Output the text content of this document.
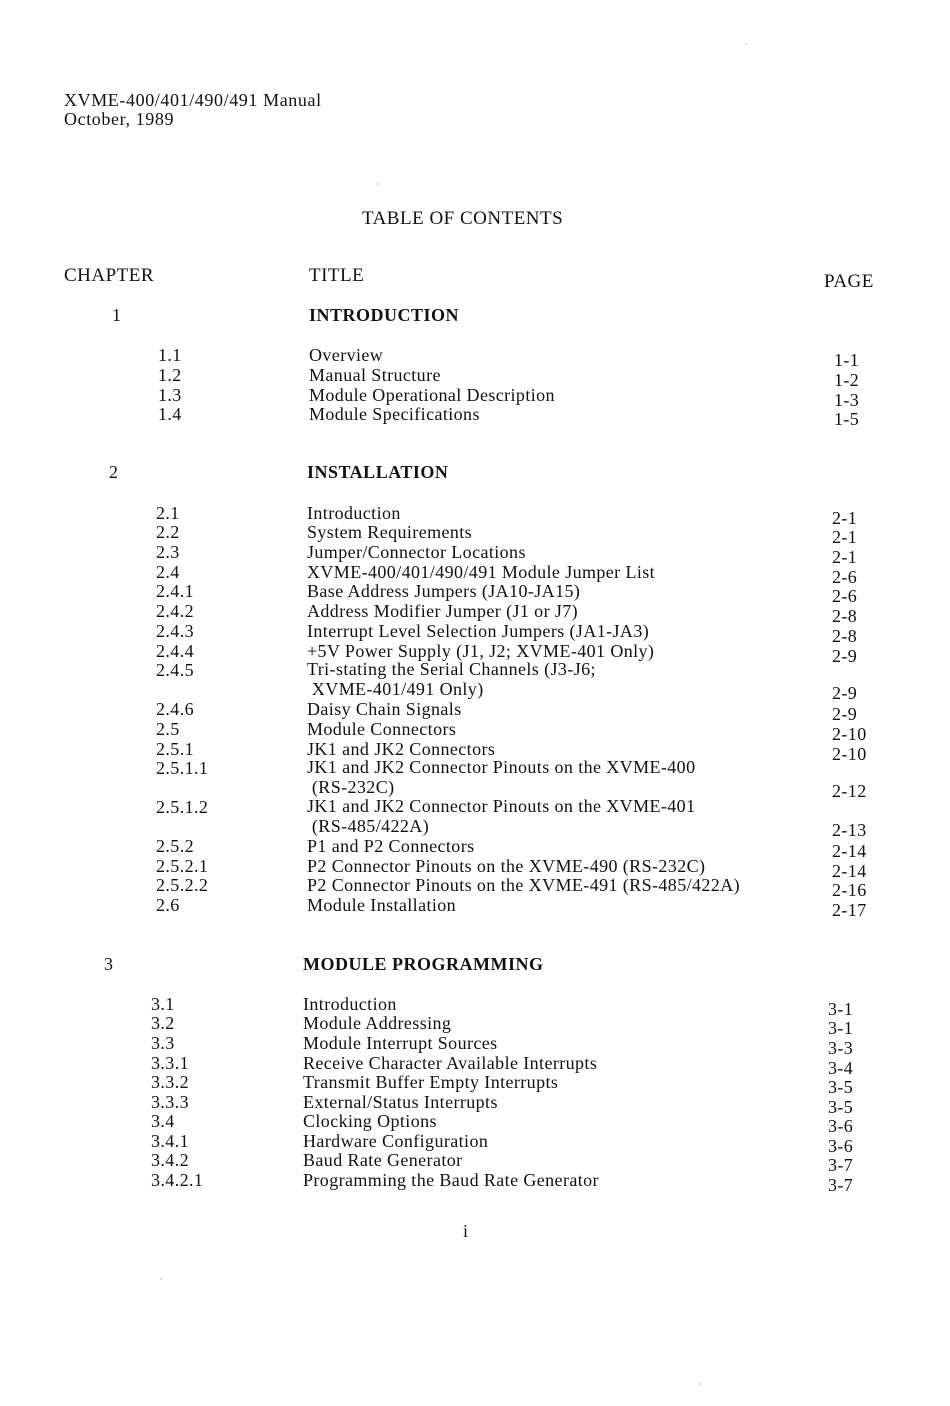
XVME-400/401/490/491 Manual
October, 1989
TABLE OF CONTENTS
CHAPTER	TITLE	PAGE
1	INTRODUCTION
1.1	Overview	1-1
1.2	Manual Structure	1-2
1.3	Module Operational Description	1-3
1.4	Module Specifications	1-5
2	INSTALLATION
2.1	Introduction	2-1
2.2	System Requirements	2-1
2.3	Jumper/Connector Locations	2-1
2.4	XVME-400/401/490/491 Module Jumper List	2-6
2.4.1	Base Address Jumpers (JA10-JA15)	2-6
2.4.2	Address Modifier Jumper (J1 or J7)	2-8
2.4.3	Interrupt Level Selection Jumpers (JA1-JA3)	2-8
2.4.4	+5V Power Supply (J1, J2; XVME-401 Only)	2-9
2.4.5	Tri-stating the Serial Channels (J3-J6;
XVME-401/491 Only)	2-9
2.4.6	Daisy Chain Signals	2-9
2.5	Module Connectors	2-10
2.5.1	JK1 and JK2 Connectors	2-10
2.5.1.1	JK1 and JK2 Connector Pinouts on the XVME-400
(RS-232C)	2-12
2.5.1.2	JK1 and JK2 Connector Pinouts on the XVME-401
(RS-485/422A)	2-13
2.5.2	P1 and P2 Connectors	2-14
2.5.2.1	P2 Connector Pinouts on the XVME-490 (RS-232C)	2-14
2.5.2.2	P2 Connector Pinouts on the XVME-491 (RS-485/422A)	2-16
2.6	Module Installation	2-17
3	MODULE PROGRAMMING
3.1	Introduction	3-1
3.2	Module Addressing	3-1
3.3	Module Interrupt Sources	3-3
3.3.1	Receive Character Available Interrupts	3-4
3.3.2	Transmit Buffer Empty Interrupts	3-5
3.3.3	External/Status Interrupts	3-5
3.4	Clocking Options	3-6
3.4.1	Hardware Configuration	3-6
3.4.2	Baud Rate Generator	3-7
3.4.2.1	Programming the Baud Rate Generator	3-7
i
